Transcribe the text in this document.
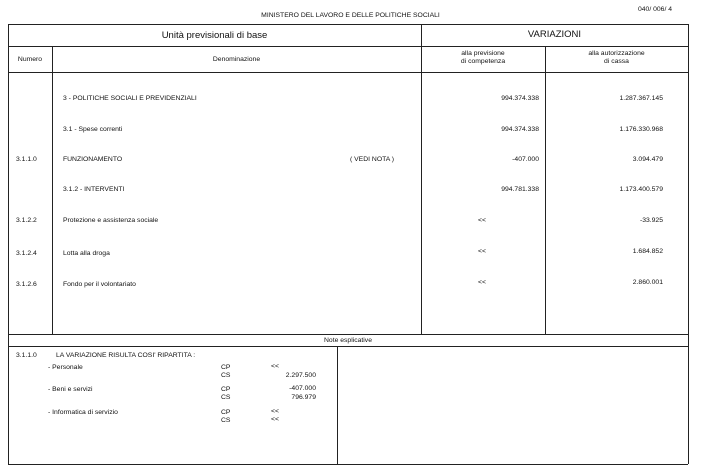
MINISTERO DEL LAVORO E DELLE POLITICHE SOCIALI
040/ 006/ 4
Unità previsionali di base	VARIAZIONI
Numero	Denominazione
alla previsione
di competenza
alla autorizzazione
di cassa
3 - POLITICHE SOCIALI E PREVIDENZIALI	994.374.338	1.287.367.145
3.1 - Spese correnti	994.374.338	1.176.330.968
3.1.1.0	FUNZIONAMENTO	( VEDI NOTA )	-407.000	3.094.479
3.1.2 - INTERVENTI	994.781.338	1.173.400.579
3.1.2.2	Protezione e assistenza sociale	<<	-33.925
3.1.2.4	Lotta alla droga	<<	1.684.852
3.1.2.6	Fondo per il volontariato	<<	2.860.001
Note esplicative
3.1.1.0	LA VARIAZIONE RISULTA COSI' RIPARTITA :
- Personale	CP	<<
CS	2.297.500
- Beni e servizi	CP	-407.000
CS	796.979
- Informatica di servizio	CP	<<
CS	<<
